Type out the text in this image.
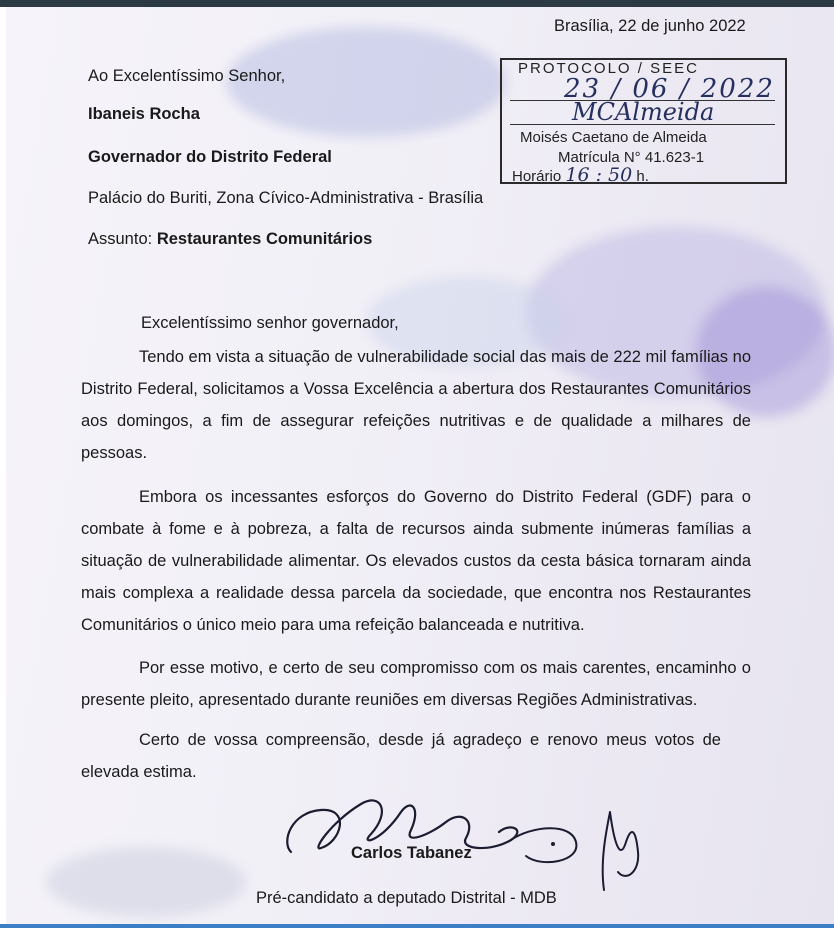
Brasília, 22 de junho 2022
Ao Excelentíssimo Senhor,
Ibaneis Rocha
Governador do Distrito Federal
Palácio do Buriti, Zona Cívico-Administrativa - Brasília
Assunto: Restaurantes Comunitários
PROTOCOLO / SEEC
23 / 06 / 2022
MCAlmeida
Moisés Caetano de Almeida
Matrícula N° 41.623-1
Horário 16 : 50 h.
Excelentíssimo senhor governador,

Tendo em vista a situação de vulnerabilidade social das mais de 222 mil famílias no Distrito Federal, solicitamos a Vossa Excelência a abertura dos Restaurantes Comunitários aos domingos, a fim de assegurar refeições nutritivas e de qualidade a milhares de pessoas.

Embora os incessantes esforços do Governo do Distrito Federal (GDF) para o combate à fome e à pobreza, a falta de recursos ainda submente inúmeras famílias a situação de vulnerabilidade alimentar. Os elevados custos da cesta básica tornaram ainda mais complexa a realidade dessa parcela da sociedade, que encontra nos Restaurantes Comunitários o único meio para uma refeição balanceada e nutritiva.

Por esse motivo, e certo de seu compromisso com os mais carentes, encaminho o presente pleito, apresentado durante reuniões em diversas Regiões Administrativas.

Certo de vossa compreensão, desde já agradeço e renovo meus votos de elevada estima.

Carlos Tabanez
Pré-candidato a deputado Distrital - MDB
